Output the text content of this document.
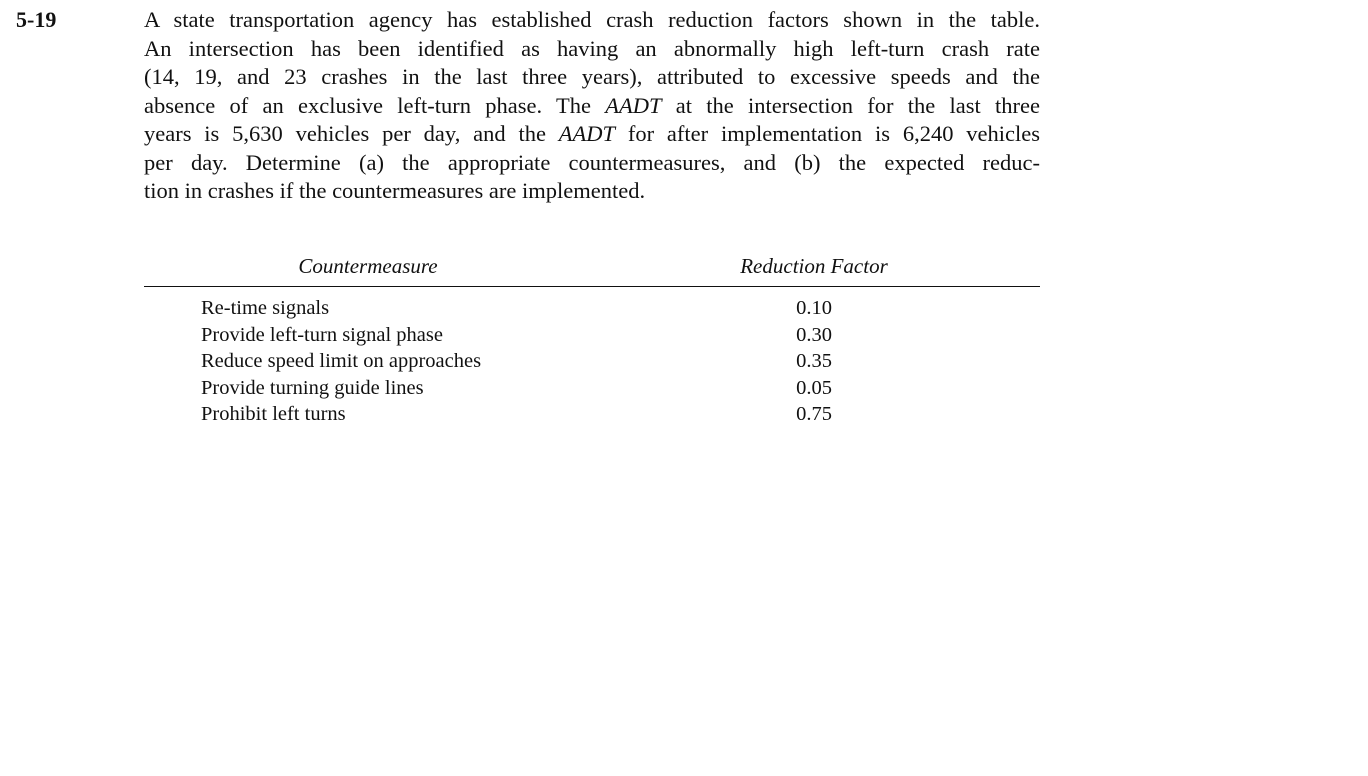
5-19	A state transportation agency has established crash reduction factors shown in the table.
An intersection has been identified as having an abnormally high left-turn crash rate
(14, 19, and 23 crashes in the last three years), attributed to excessive speeds and the
absence of an exclusive left-turn phase. The AADT at the intersection for the last three
years is 5,630 vehicles per day, and the AADT for after implementation is 6,240 vehicles
per day. Determine (a) the appropriate countermeasures, and (b) the expected reduc-
tion in crashes if the countermeasures are implemented.
Countermeasure	Reduction Factor
Re-time signals	0.10
Provide left-turn signal phase	0.30
Reduce speed limit on approaches	0.35
Provide turning guide lines	0.05
Prohibit left turns	0.75
